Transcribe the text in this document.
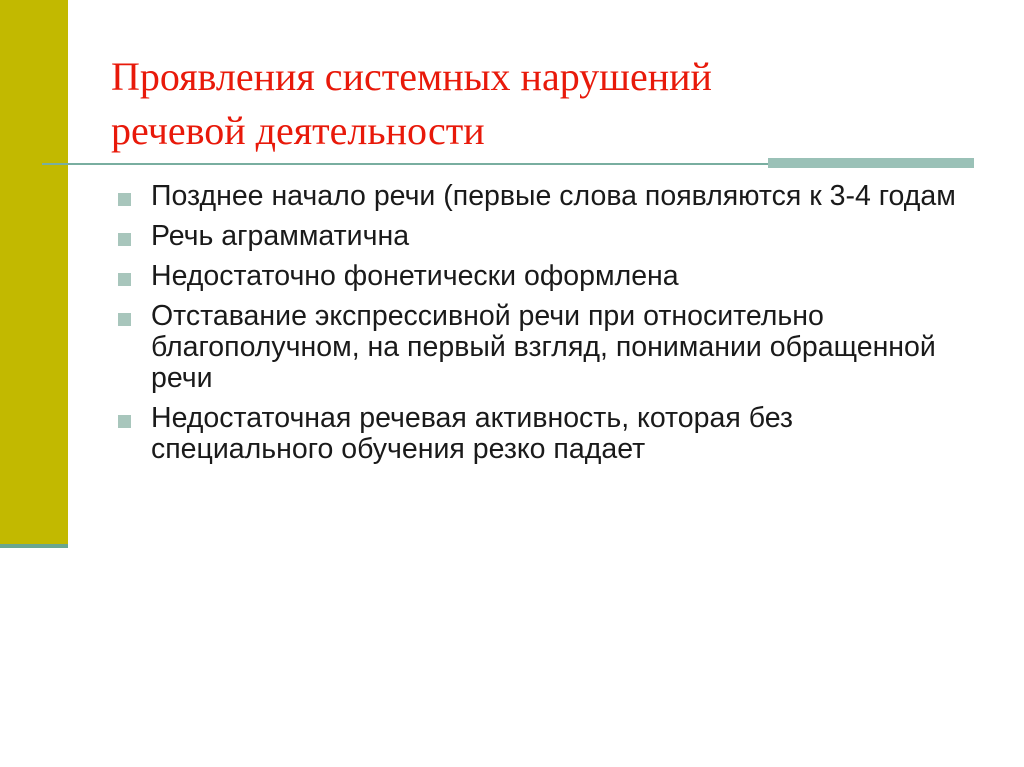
Проявления системных нарушений
речевой деятельности
Позднее начало речи (первые слова появляются к 3-4 годам
Речь аграмматична
Недостаточно фонетически оформлена
Отставание экспрессивной речи при относительно благополучном, на первый взгляд, понимании обращенной речи
Недостаточная речевая активность, которая без специального обучения резко падает
